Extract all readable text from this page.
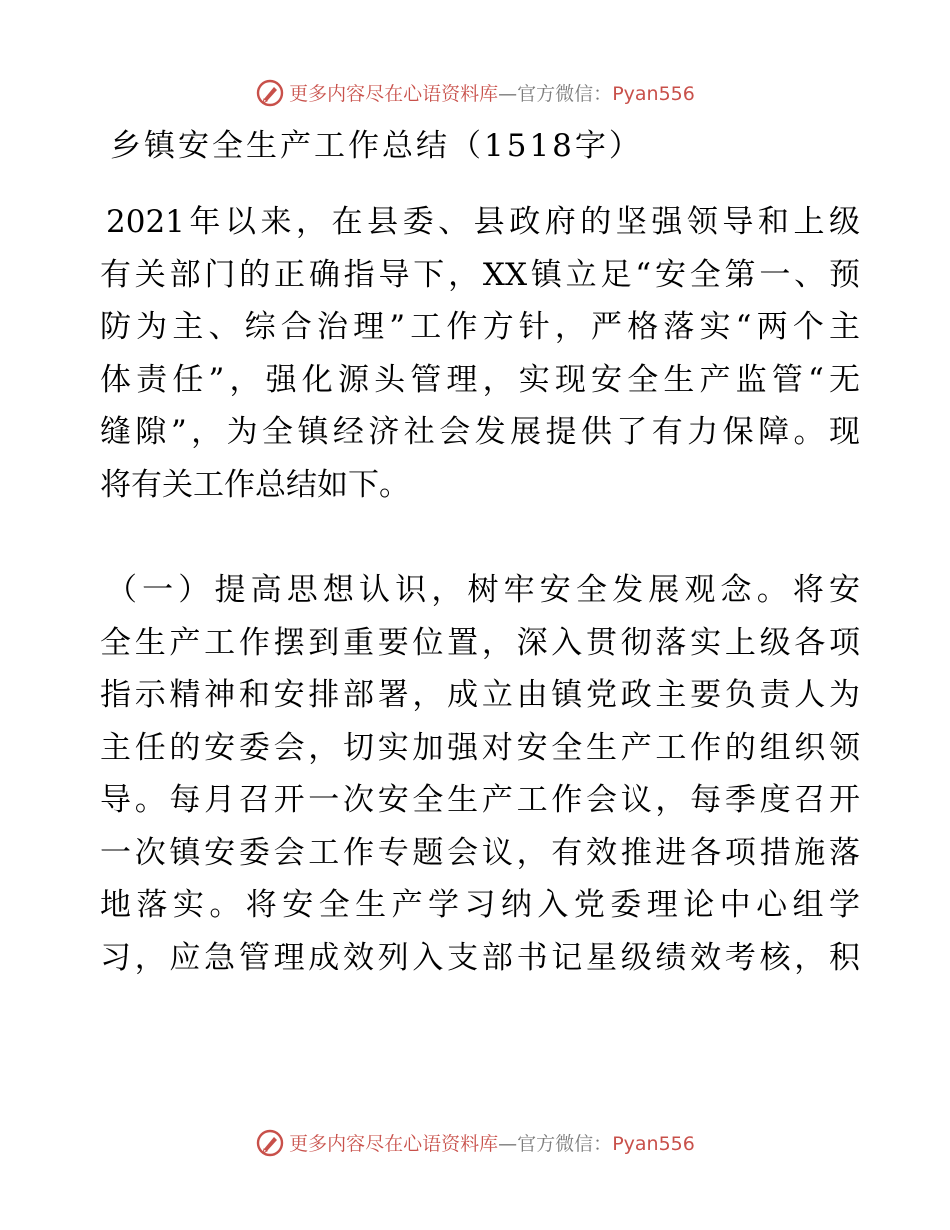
更多内容尽在心语资料库—官方微信：Pyan556
乡镇安全生产工作总结（1518字）
2021年以来，在县委、县政府的坚强领导和上级
有关部门的正确指导下，XX镇立足“安全第一、预
防为主、综合治理”工作方针，严格落实“两个主
体责任”，强化源头管理，实现安全生产监管“无
缝隙”，为全镇经济社会发展提供了有力保障。现
将有关工作总结如下。
（一）提高思想认识，树牢安全发展观念。将安
全生产工作摆到重要位置，深入贯彻落实上级各项
指示精神和安排部署，成立由镇党政主要负责人为
主任的安委会，切实加强对安全生产工作的组织领
导。每月召开一次安全生产工作会议，每季度召开
一次镇安委会工作专题会议，有效推进各项措施落
地落实。将安全生产学习纳入党委理论中心组学
习，应急管理成效列入支部书记星级绩效考核，积
更多内容尽在心语资料库—官方微信：Pyan556
